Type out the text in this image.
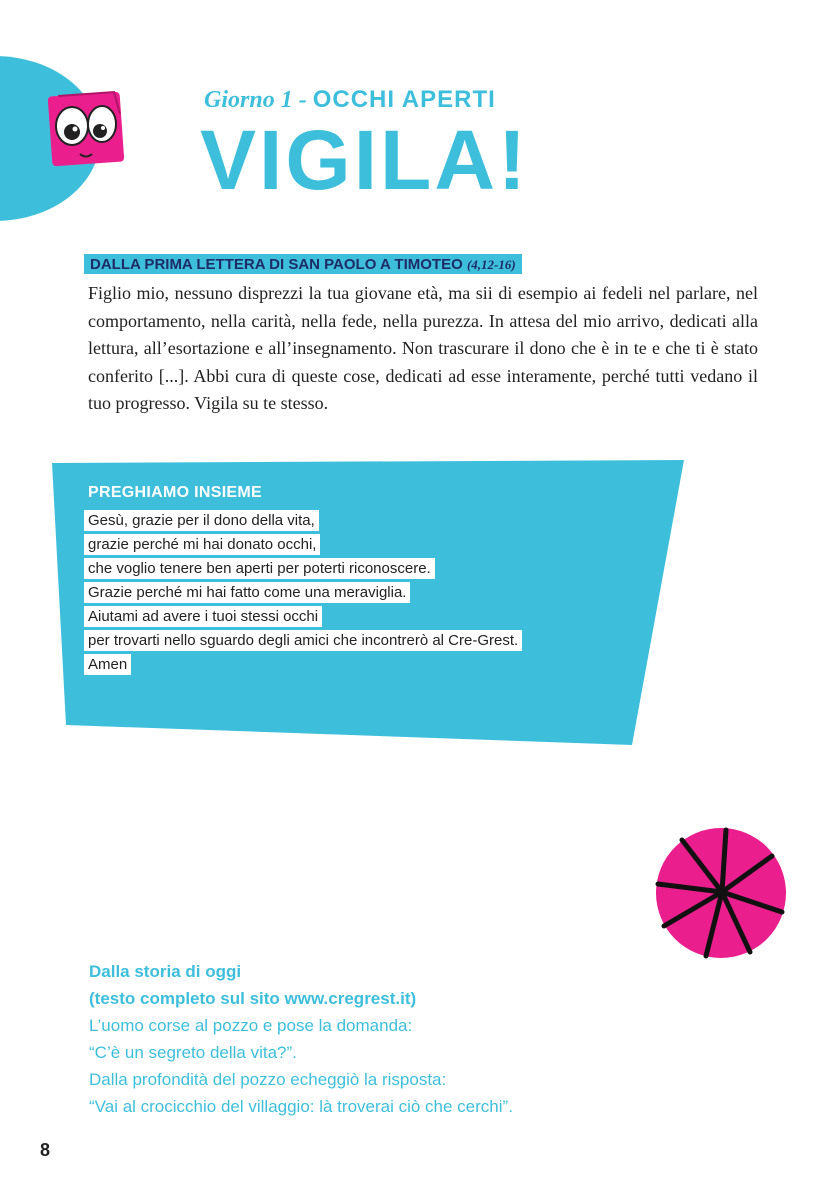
Giorno 1 - OCCHI APERTI
VIGILA!
DALLA PRIMA LETTERA DI SAN PAOLO A TIMOTEO (4,12-16)
Figlio mio, nessuno disprezzi la tua giovane età, ma sii di esempio ai fedeli nel parlare, nel comportamento, nella carità, nella fede, nella purezza. In attesa del mio arrivo, dedicati alla lettura, all’esortazione e all’insegnamento. Non trascurare il dono che è in te e che ti è stato conferito [...]. Abbi cura di queste cose, dedicati ad esse interamente, perché tutti vedano il tuo progresso. Vigila su te stesso.
PREGHIAMO INSIEME
Gesù, grazie per il dono della vita,
grazie perché mi hai donato occhi,
che voglio tenere ben aperti per poterti riconoscere.
Grazie perché mi hai fatto come una meraviglia.
Aiutami ad avere i tuoi stessi occhi
per trovarti nello sguardo degli amici che incontrerò al Cre-Grest.
Amen
Dalla storia di oggi
(testo completo sul sito www.cregrest.it)
L’uomo corse al pozzo e pose la domanda:
“C’è un segreto della vita?”.
Dalla profondità del pozzo echeggiò la risposta:
“Vai al crocicchio del villaggio: là troverai ciò che cerchi”.
8
